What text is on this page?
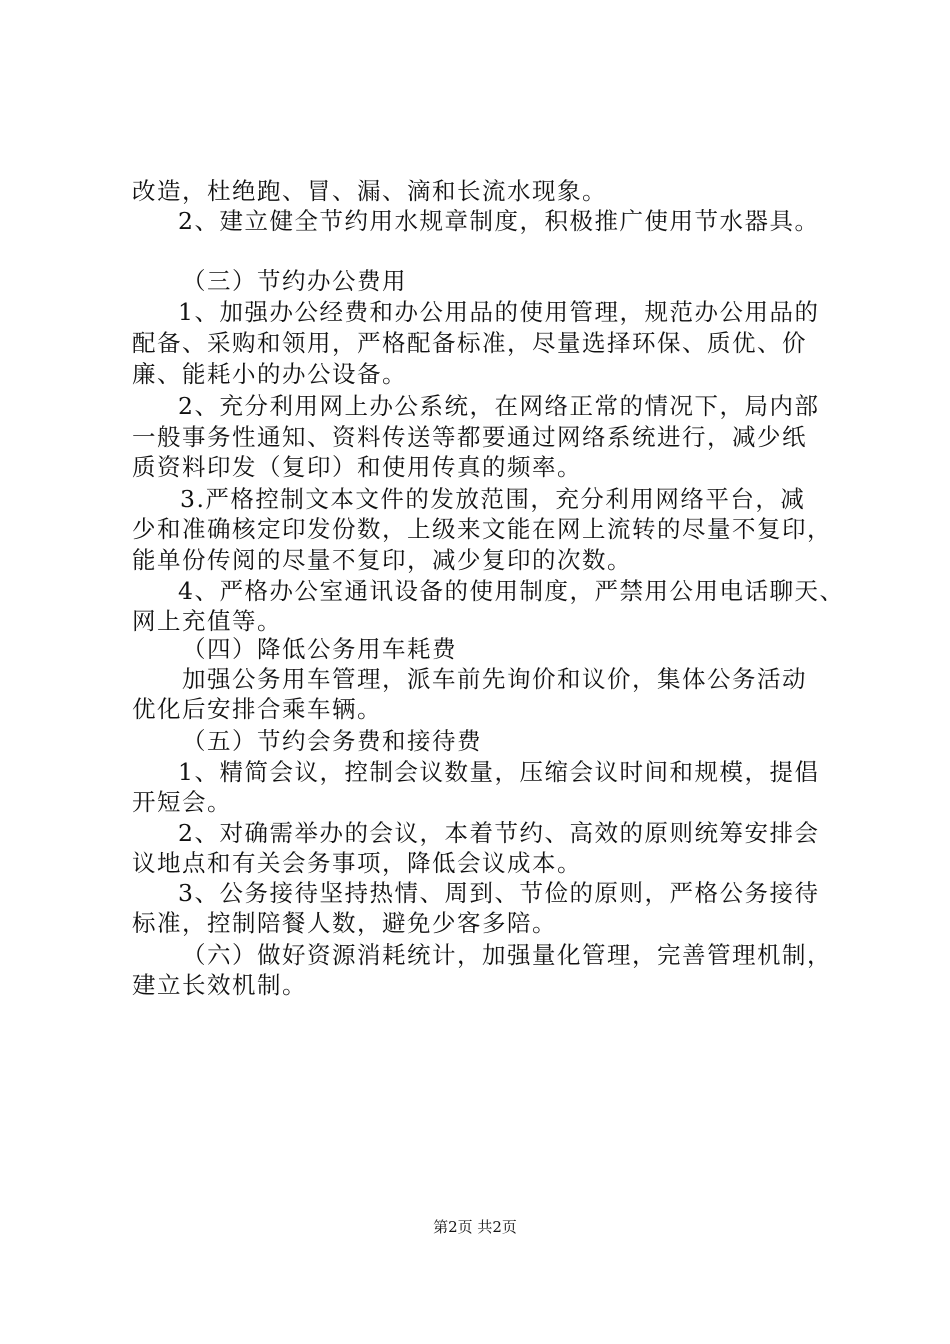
改造，杜绝跑、冒、漏、滴和长流水现象。
2、建立健全节约用水规章制度，积极推广使用节水器具。
（三）节约办公费用
1、加强办公经费和办公用品的使用管理，规范办公用品的
配备、采购和领用，严格配备标准，尽量选择环保、质优、价
廉、能耗小的办公设备。
2、充分利用网上办公系统，在网络正常的情况下，局内部
一般事务性通知、资料传送等都要通过网络系统进行，减少纸
质资料印发（复印）和使用传真的频率。
3.严格控制文本文件的发放范围，充分利用网络平台，减
少和准确核定印发份数，上级来文能在网上流转的尽量不复印，
能单份传阅的尽量不复印，减少复印的次数。
4、严格办公室通讯设备的使用制度，严禁用公用电话聊天、
网上充值等。
（四）降低公务用车耗费
加强公务用车管理，派车前先询价和议价，集体公务活动
优化后安排合乘车辆。
（五）节约会务费和接待费
1、精简会议，控制会议数量，压缩会议时间和规模，提倡
开短会。
2、对确需举办的会议，本着节约、高效的原则统筹安排会
议地点和有关会务事项，降低会议成本。
3、公务接待坚持热情、周到、节俭的原则，严格公务接待
标准，控制陪餐人数，避免少客多陪。
（六）做好资源消耗统计，加强量化管理，完善管理机制，
建立长效机制。
第2页 共2页
